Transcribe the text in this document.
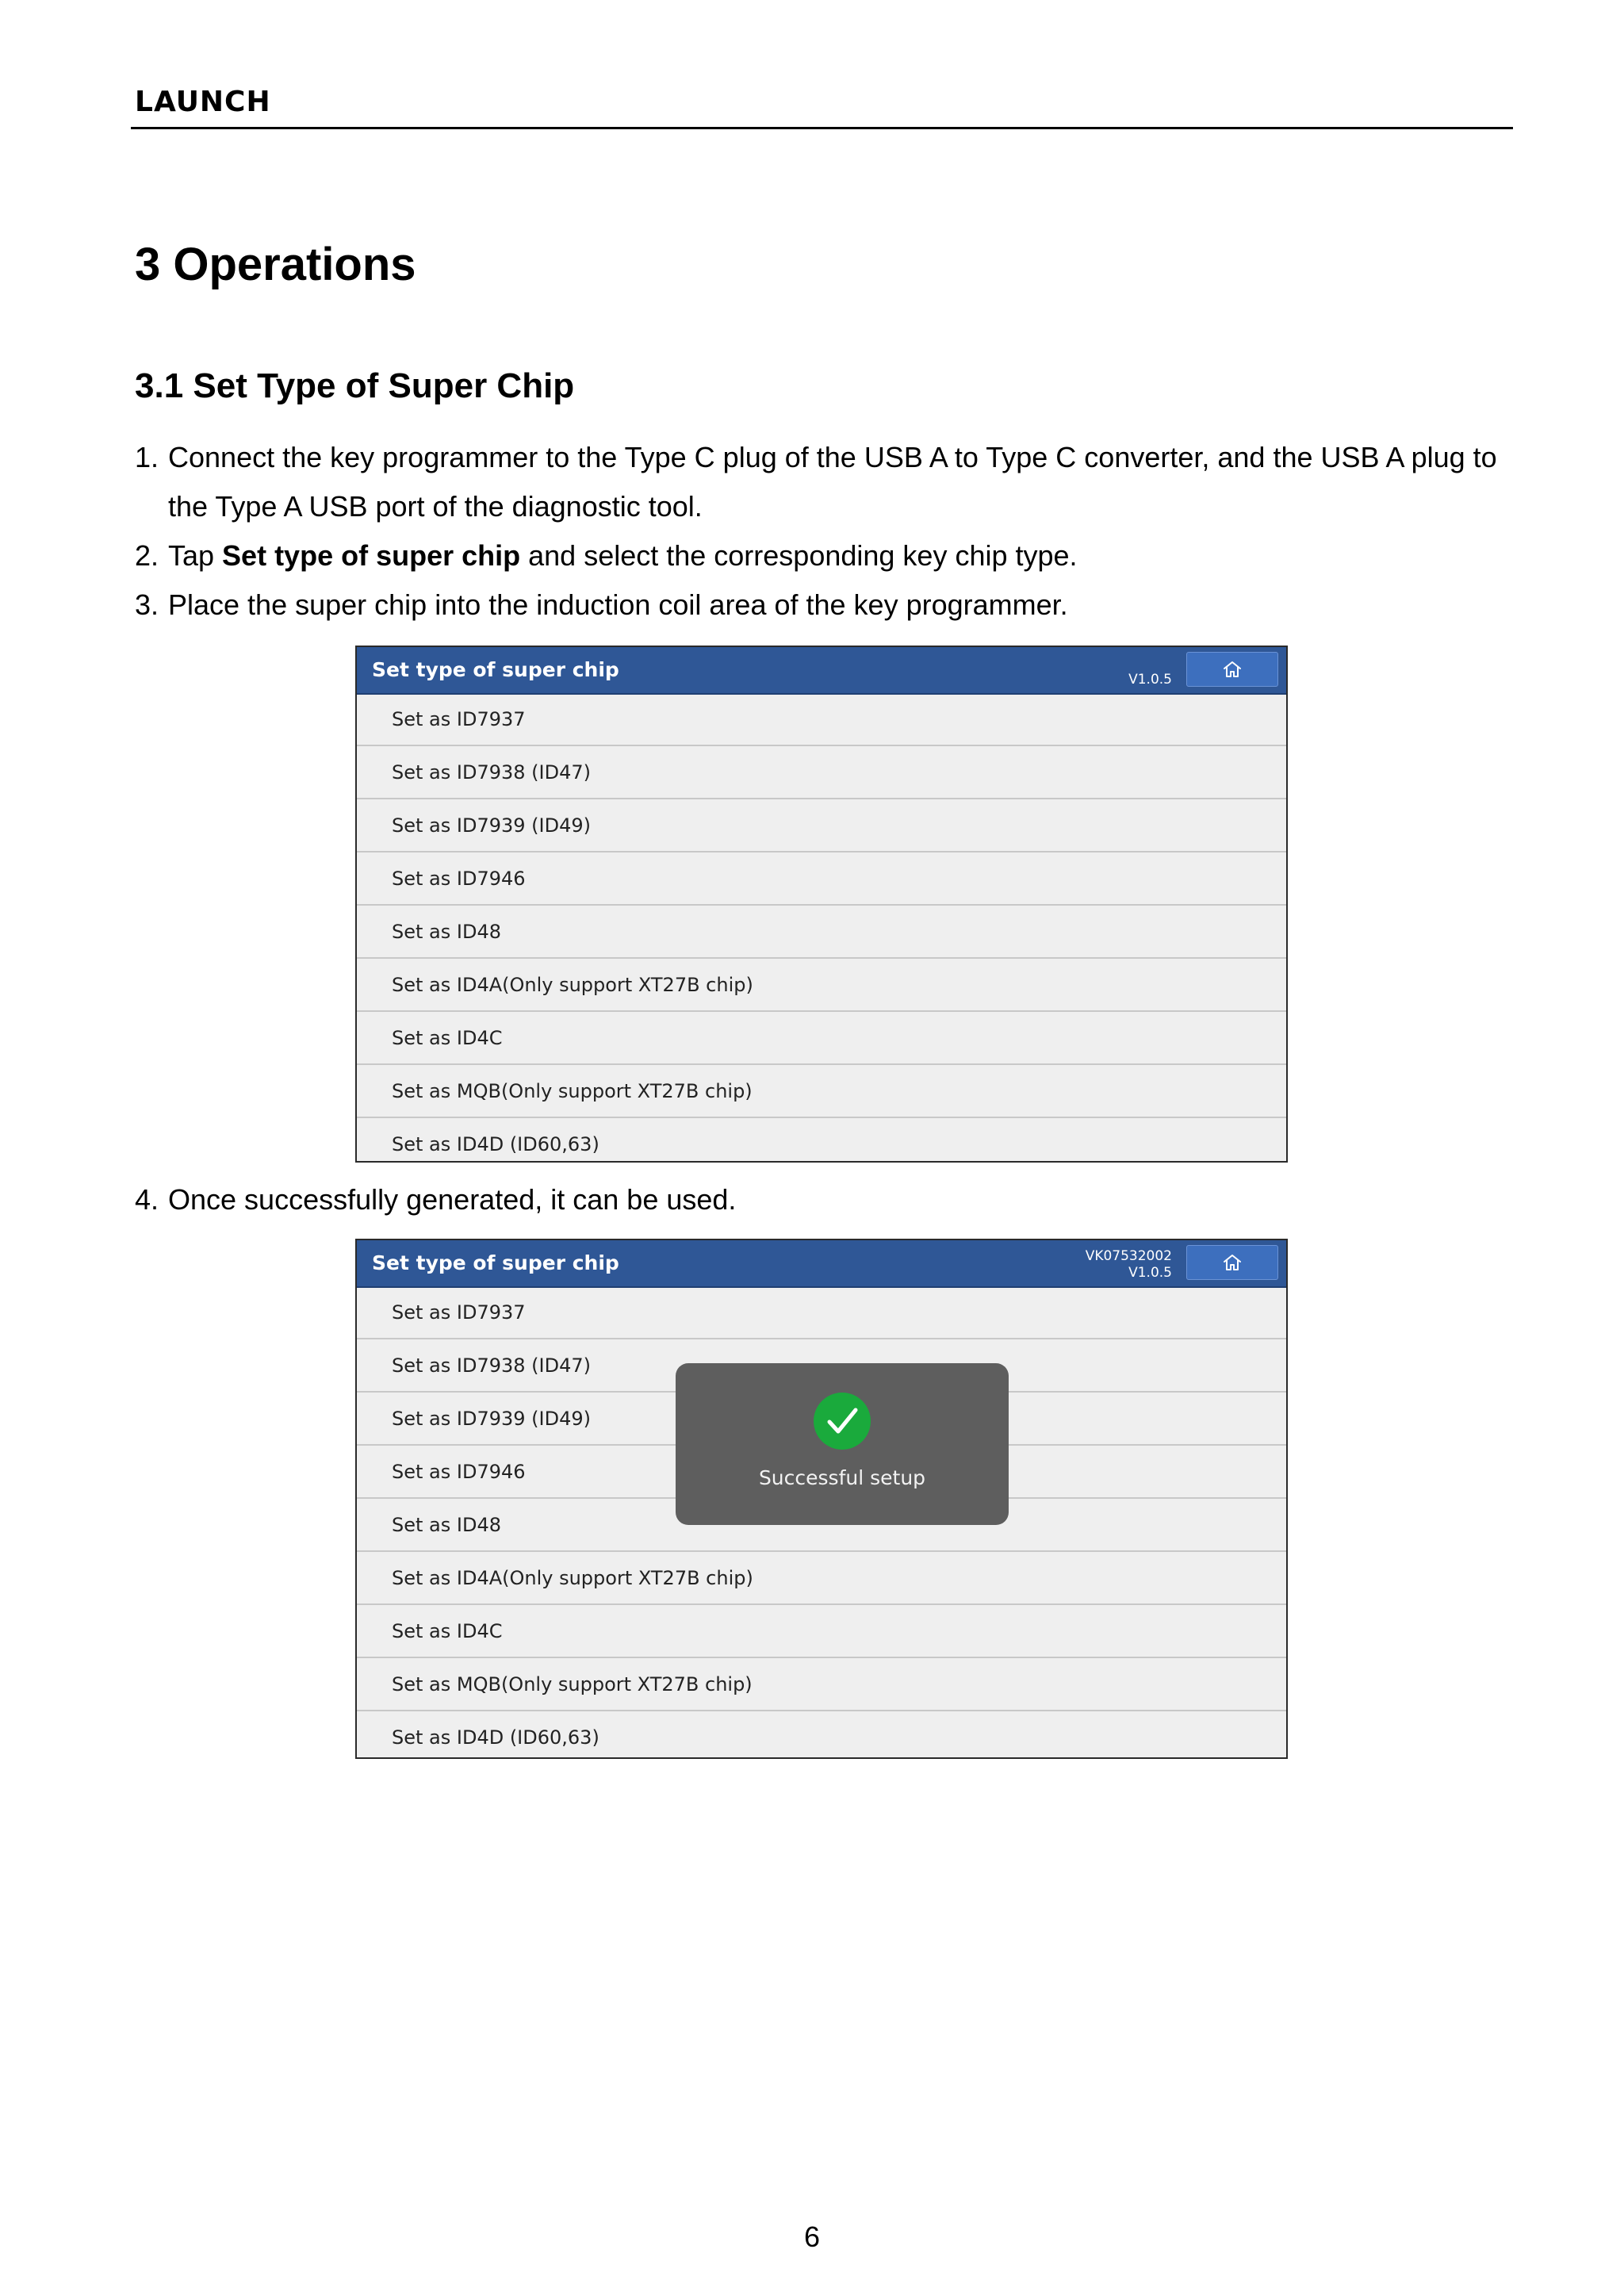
LAUNCH
3 Operations
3.1 Set Type of Super Chip

1. Connect the key programmer to the Type C plug of the USB A to Type C converter, and the USB A plug to
the Type A USB port of the diagnostic tool.

2. Tap Set type of super chip and select the corresponding key chip type.

3. Place the super chip into the induction coil area of the key programmer.

Set type of super chip	V1.0.5
Set as ID7937
Set as ID7938 (ID47)
Set as ID7939 (ID49)
Set as ID7946
Set as ID48
Set as ID4A(Only support XT27B chip)
Set as ID4C
Set as MQB(Only support XT27B chip)
Set as ID4D (ID60,63)

4. Once successfully generated, it can be used.

Set type of super chip	VK07532002
V1.0.5
Set as ID7937
Set as ID7938 (ID47)
Set as ID7939 (ID49)
Set as ID7946
Set as ID48
Set as ID4A(Only support XT27B chip)
Set as ID4C
Set as MQB(Only support XT27B chip)
Set as ID4D (ID60,63)
Successful setup
6
